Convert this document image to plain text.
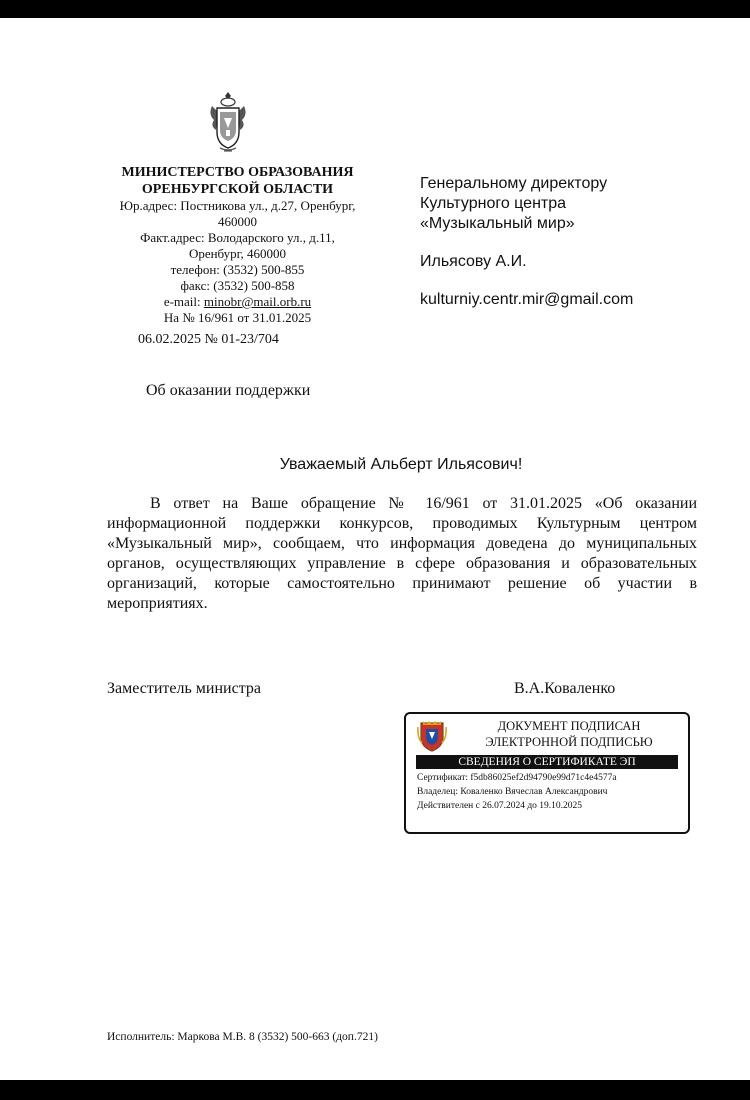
МИНИСТЕРСТВО ОБРАЗОВАНИЯ
ОРЕНБУРГСКОЙ ОБЛАСТИ
Юр.адрес: Постникова ул., д.27, Оренбург,
460000
Факт.адрес: Володарского ул., д.11,
Оренбург, 460000
телефон: (3532) 500-855
факс: (3532) 500-858
e-mail: minobr@mail.orb.ru
На № 16/961 от 31.01.2025
06.02.2025 № 01-23/704
Генеральному директору
Культурного центра
«Музыкальный мир»
Ильясову А.И.
kulturniy.centr.mir@gmail.com
Об оказании поддержки
Уважаемый Альберт Ильясович!
В ответ на Ваше обращение № 16/961 от 31.01.2025 «Об оказании информационной поддержки конкурсов, проводимых Культурным центром «Музыкальный мир», сообщаем, что информация доведена до муниципальных органов, осуществляющих управление в сфере образования и образовательных организаций, которые самостоятельно принимают решение об участии в мероприятиях.
Заместитель министра	В.А.Коваленко
ДОКУМЕНТ ПОДПИСАН
ЭЛЕКТРОННОЙ ПОДПИСЬЮ
СВЕДЕНИЯ О СЕРТИФИКАТЕ ЭП
Сертификат: f5db86025ef2d94790e99d71c4e4577a
Владелец: Коваленко Вячеслав Александрович
Действителен с 26.07.2024 до 19.10.2025
Исполнитель: Маркова М.В. 8 (3532) 500-663 (доп.721)
